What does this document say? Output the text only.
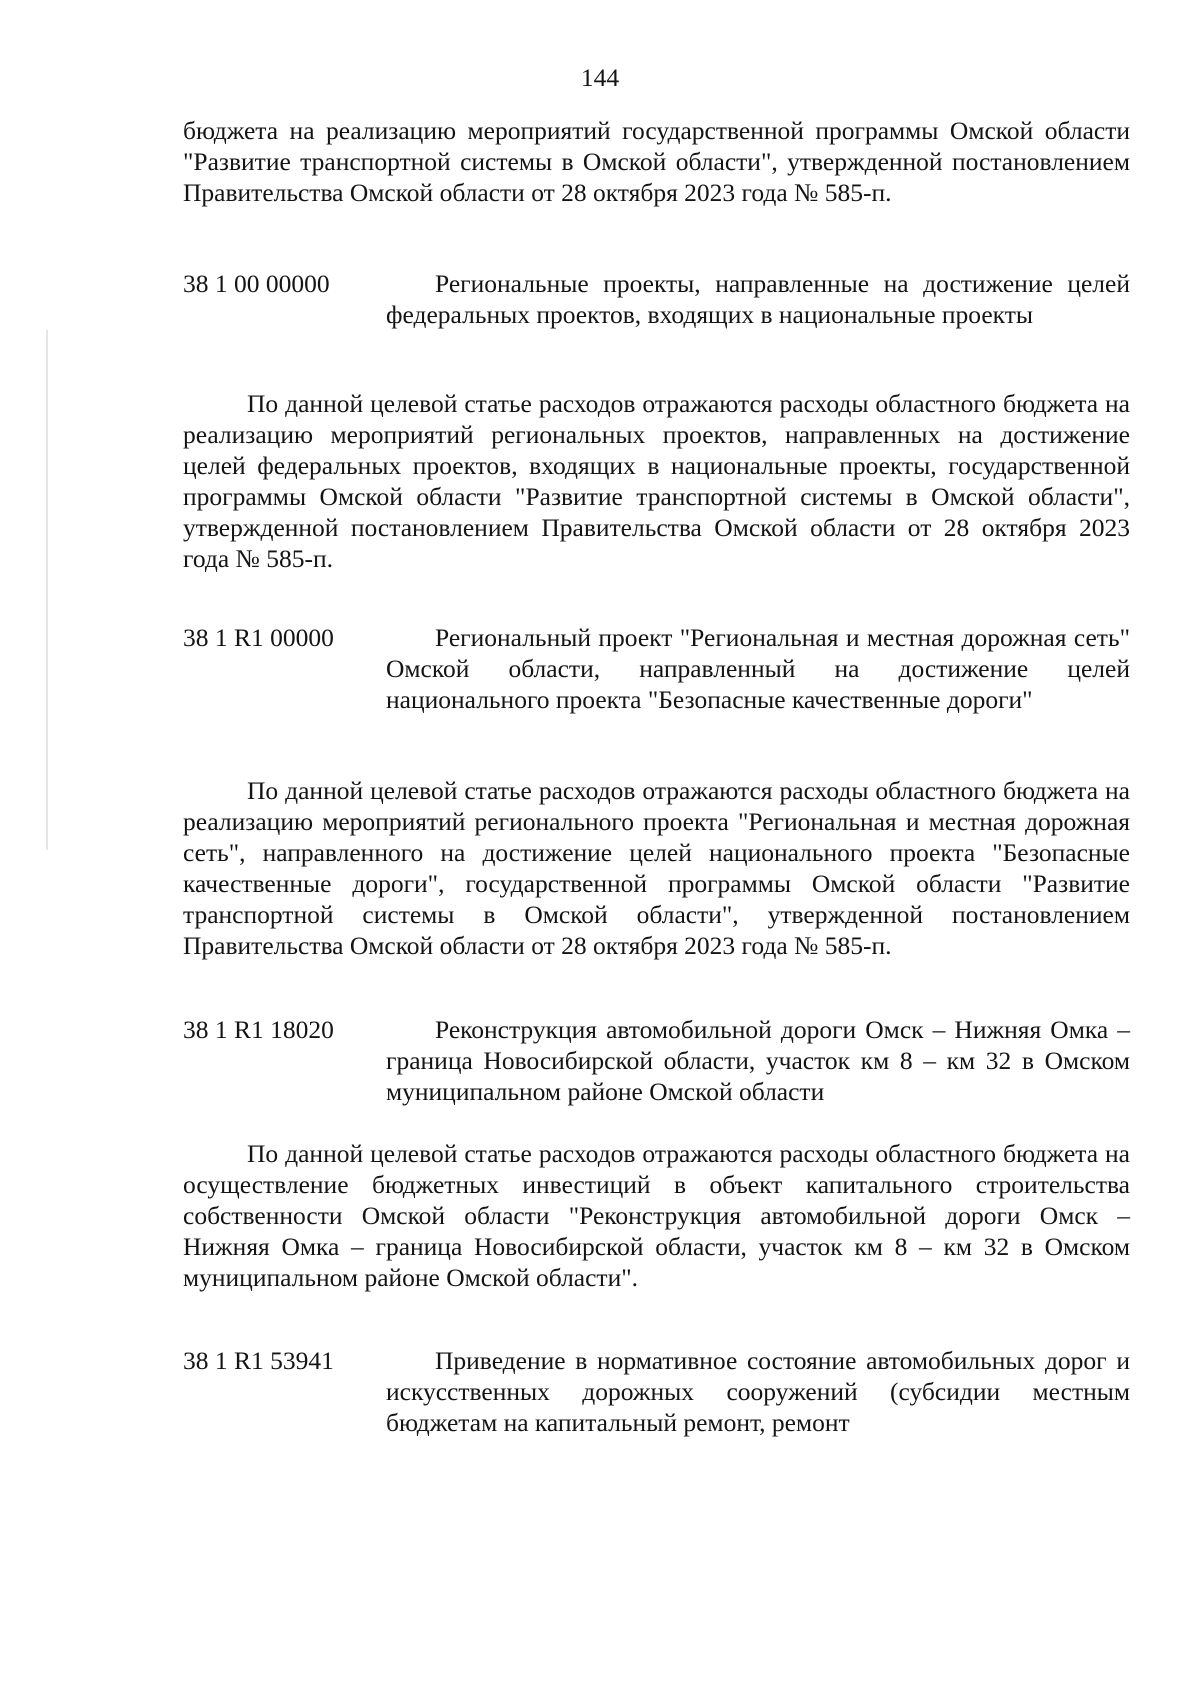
144

бюджета на реализацию мероприятий государственной программы Омской области "Развитие транспортной системы в Омской области", утвержденной постановлением Правительства Омской области от 28 октября 2023 года № 585-п.

38 1 00 00000	Региональные проекты, направленные на достижение целей федеральных проектов, входящих в национальные проекты

По данной целевой статье расходов отражаются расходы областного бюджета на реализацию мероприятий региональных проектов, направленных на достижение целей федеральных проектов, входящих в национальные проекты, государственной программы Омской области "Развитие транспортной системы в Омской области", утвержденной постановлением Правительства Омской области от 28 октября 2023 года № 585-п.

38 1 R1 00000	Региональный проект "Региональная и местная дорожная сеть" Омской области, направленный на достижение целей национального проекта "Безопасные качественные дороги"

По данной целевой статье расходов отражаются расходы областного бюджета на реализацию мероприятий регионального проекта "Региональная и местная дорожная сеть", направленного на достижение целей национального проекта "Безопасные качественные дороги", государственной программы Омской области "Развитие транспортной системы в Омской области", утвержденной постановлением Правительства Омской области от 28 октября 2023 года № 585-п.

38 1 R1 18020	Реконструкция автомобильной дороги Омск – Нижняя Омка – граница Новосибирской области, участок км 8 – км 32 в Омском муниципальном районе Омской области

По данной целевой статье расходов отражаются расходы областного бюджета на осуществление бюджетных инвестиций в объект капитального строительства собственности Омской области "Реконструкция автомобильной дороги Омск – Нижняя Омка – граница Новосибирской области, участок км 8 – км 32 в Омском муниципальном районе Омской области".

38 1 R1 53941	Приведение в нормативное состояние автомобильных дорог и искусственных дорожных сооружений (субсидии местным бюджетам на капитальный ремонт, ремонт
